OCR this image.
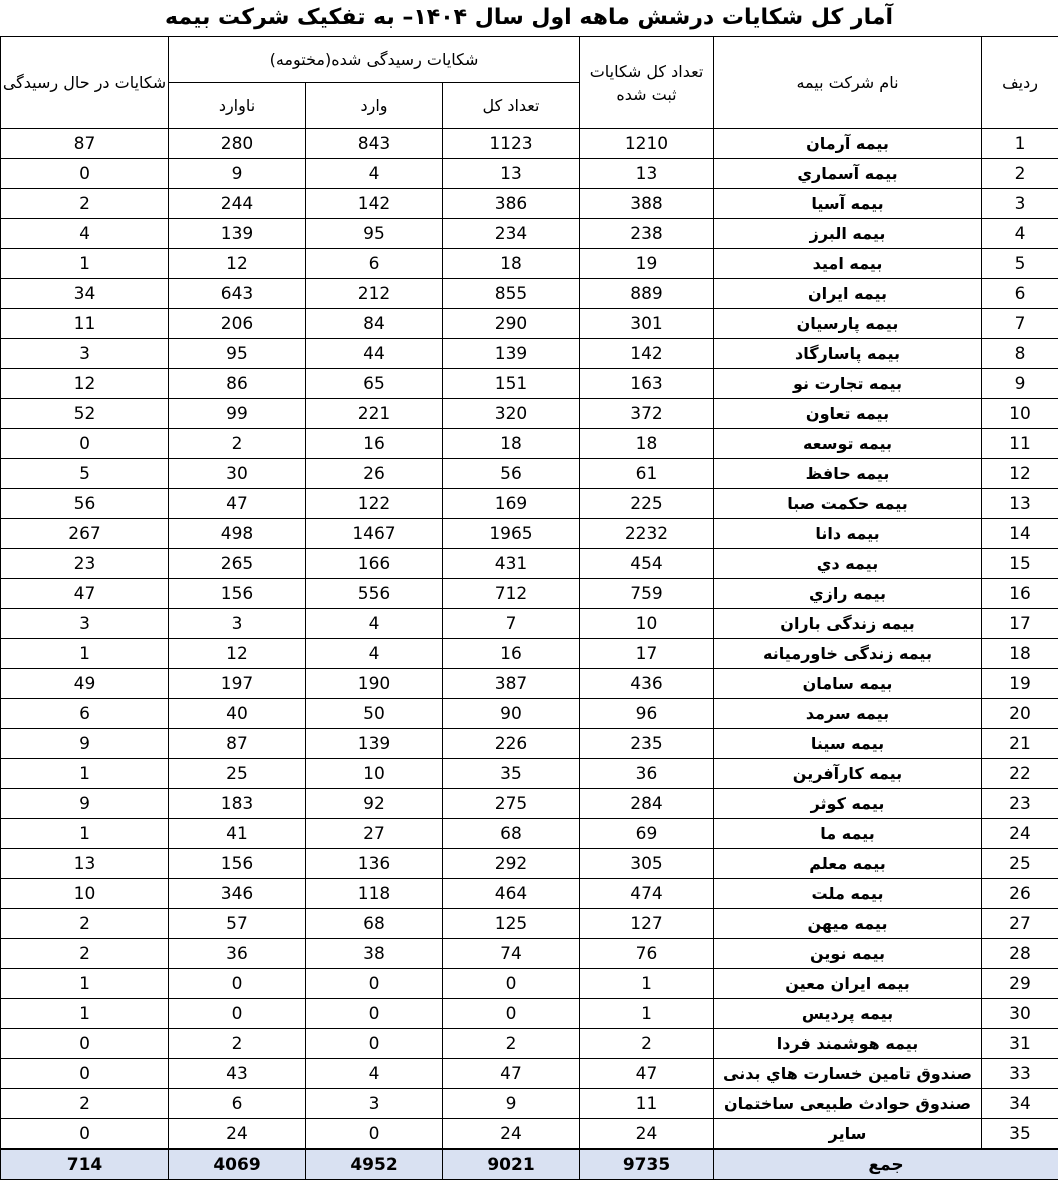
آمار کل شکایات درشش ماهه اول سال ۱۴۰۴– به تفکیک شرکت بیمه
ردیف	نام شرکت بیمه	تعداد کل شکایات ثبت شده	شکایات رسیدگی شده(مختومه)			شکایات در حال رسیدگی
			تعداد کل	وارد	ناوارد	
1	بیمه آرمان	1210	1123	843	280	87
2	بیمه آسماري	13	13	4	9	0
3	بیمه آسیا	388	386	142	244	2
4	بیمه البرز	238	234	95	139	4
5	بیمه امید	19	18	6	12	1
6	بیمه ایران	889	855	212	643	34
7	بیمه پارسیان	301	290	84	206	11
8	بیمه پاسارگاد	142	139	44	95	3
9	بیمه تجارت نو	163	151	65	86	12
10	بیمه تعاون	372	320	221	99	52
11	بیمه توسعه	18	18	16	2	0
12	بیمه حافظ	61	56	26	30	5
13	بیمه حکمت صبا	225	169	122	47	56
14	بیمه دانا	2232	1965	1467	498	267
15	بیمه دي	454	431	166	265	23
16	بیمه رازي	759	712	556	156	47
17	بیمه زندگی باران	10	7	4	3	3
18	بیمه زندگی خاورمیانه	17	16	4	12	1
19	بیمه سامان	436	387	190	197	49
20	بیمه سرمد	96	90	50	40	6
21	بیمه سینا	235	226	139	87	9
22	بیمه کارآفرین	36	35	10	25	1
23	بیمه کوثر	284	275	92	183	9
24	بیمه ما	69	68	27	41	1
25	بیمه معلم	305	292	136	156	13
26	بیمه ملت	474	464	118	346	10
27	بیمه میهن	127	125	68	57	2
28	بیمه نوین	76	74	38	36	2
29	بیمه ایران معین	1	0	0	0	1
30	بیمه پردیس	1	0	0	0	1
31	بیمه هوشمند فردا	2	2	0	2	0
33	صندوق تامین خسارت هاي بدنی	47	47	4	43	0
34	صندوق حوادث طبیعی ساختمان	11	9	3	6	2
35	سایر	24	24	0	24	0
جمع		9735	9021	4952	4069	714
